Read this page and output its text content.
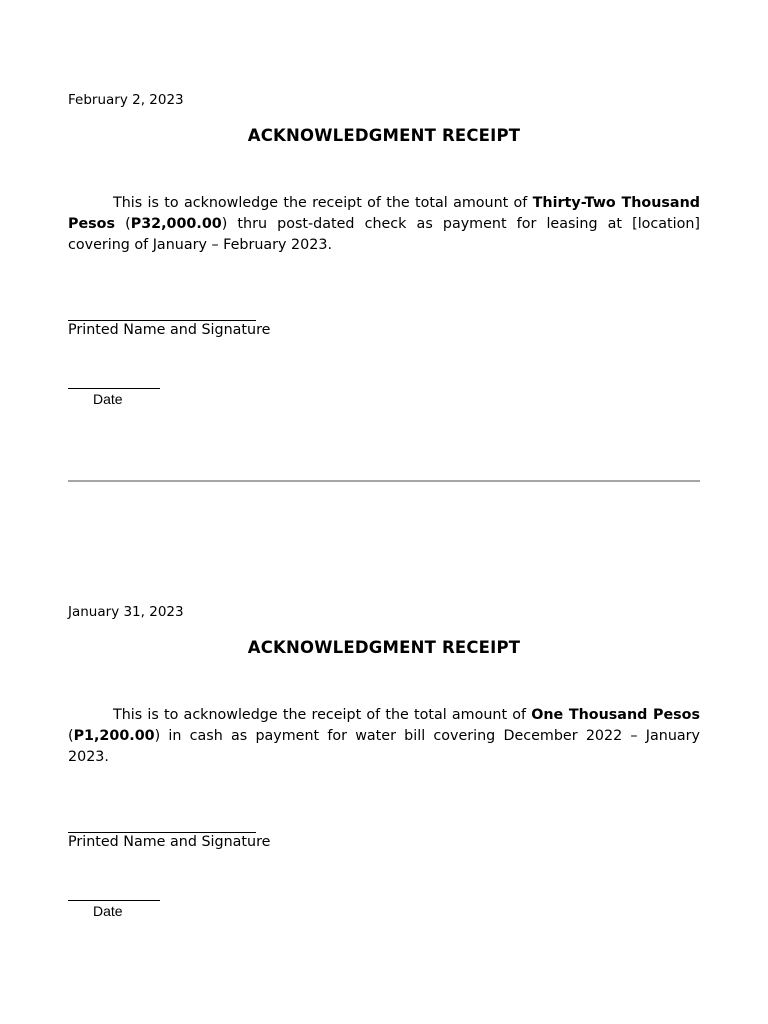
February 2, 2023

ACKNOWLEDGMENT RECEIPT

This is to acknowledge the receipt of the total amount of Thirty-Two Thousand Pesos (P32,000.00) thru post-dated check as payment for leasing at [location] covering of January – February 2023.

Printed Name and Signature
Date

January 31, 2023

ACKNOWLEDGMENT RECEIPT

This is to acknowledge the receipt of the total amount of One Thousand Pesos (P1,200.00) in cash as payment for water bill covering December 2022 – January 2023.

Printed Name and Signature
Date
